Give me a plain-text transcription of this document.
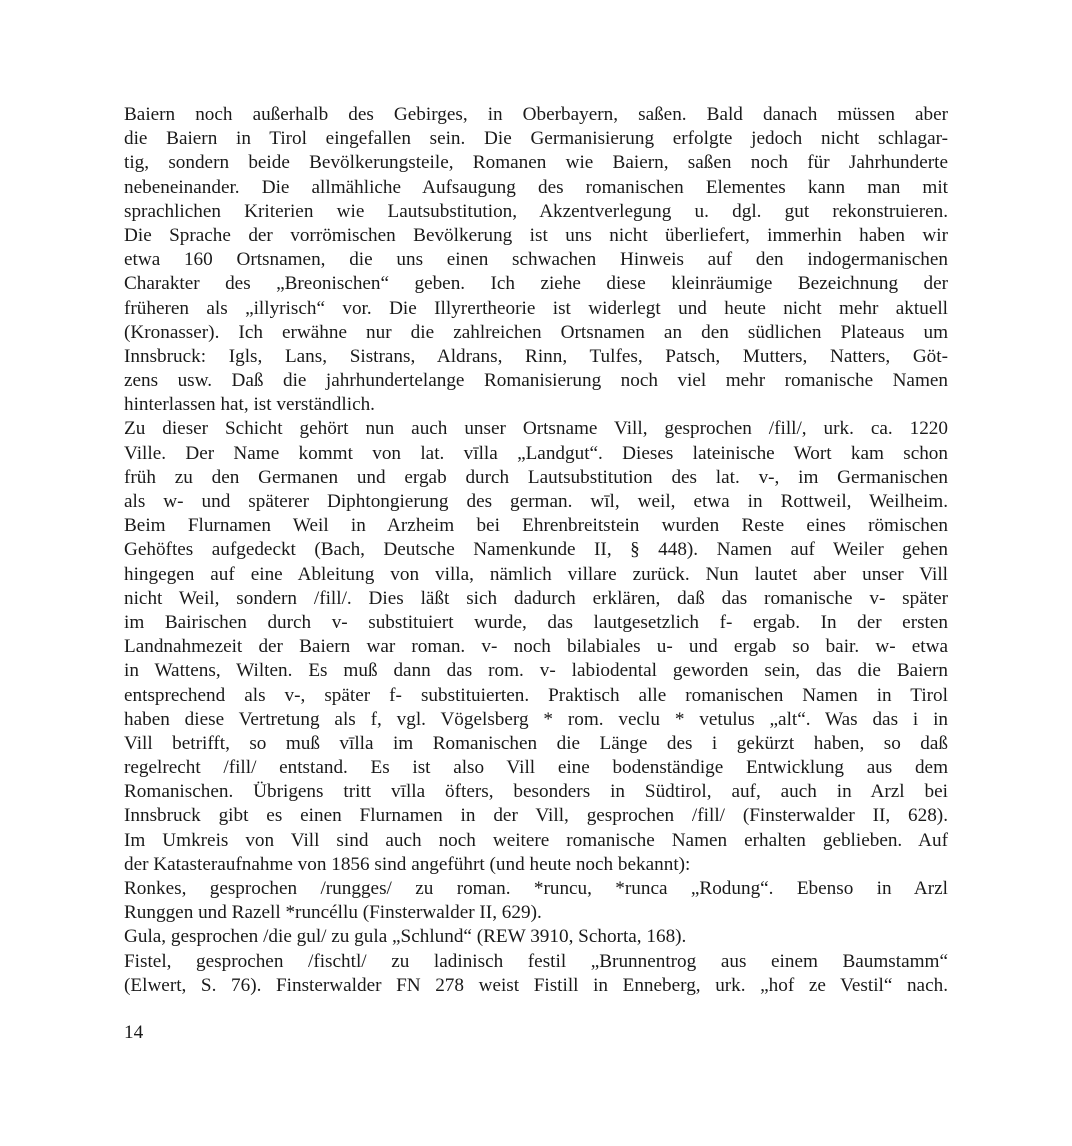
Baiern noch außerhalb des Gebirges, in Oberbayern, saßen. Bald danach müssen aber
die Baiern in Tirol eingefallen sein. Die Germanisierung erfolgte jedoch nicht schlagar-
tig, sondern beide Bevölkerungsteile, Romanen wie Baiern, saßen noch für Jahrhunderte
nebeneinander. Die allmähliche Aufsaugung des romanischen Elementes kann man mit
sprachlichen Kriterien wie Lautsubstitution, Akzentverlegung u. dgl. gut rekonstruieren.
Die Sprache der vorrömischen Bevölkerung ist uns nicht überliefert, immerhin haben wir
etwa 160 Ortsnamen, die uns einen schwachen Hinweis auf den indogermanischen
Charakter des „Breonischen“ geben. Ich ziehe diese kleinräumige Bezeichnung der
früheren als „illyrisch“ vor. Die Illyrertheorie ist widerlegt und heute nicht mehr aktuell
(Kronasser). Ich erwähne nur die zahlreichen Ortsnamen an den südlichen Plateaus um
Innsbruck: Igls, Lans, Sistrans, Aldrans, Rinn, Tulfes, Patsch, Mutters, Natters, Göt-
zens usw. Daß die jahrhundertelange Romanisierung noch viel mehr romanische Namen
hinterlassen hat, ist verständlich.
Zu dieser Schicht gehört nun auch unser Ortsname Vill, gesprochen /fill/, urk. ca. 1220
Ville. Der Name kommt von lat. vīlla „Landgut“. Dieses lateinische Wort kam schon
früh zu den Germanen und ergab durch Lautsubstitution des lat. v-, im Germanischen
als w- und späterer Diphtongierung des german. wīl, weil, etwa in Rottweil, Weilheim.
Beim Flurnamen Weil in Arzheim bei Ehrenbreitstein wurden Reste eines römischen
Gehöftes aufgedeckt (Bach, Deutsche Namenkunde II, § 448). Namen auf Weiler gehen
hingegen auf eine Ableitung von villa, nämlich villare zurück. Nun lautet aber unser Vill
nicht Weil, sondern /fill/. Dies läßt sich dadurch erklären, daß das romanische v- später
im Bairischen durch v- substituiert wurde, das lautgesetzlich f- ergab. In der ersten
Landnahmezeit der Baiern war roman. v- noch bilabiales u- und ergab so bair. w- etwa
in Wattens, Wilten. Es muß dann das rom. v- labiodental geworden sein, das die Baiern
entsprechend als v-, später f- substituierten. Praktisch alle romanischen Namen in Tirol
haben diese Vertretung als f, vgl. Vögelsberg * rom. veclu * vetulus „alt“. Was das i in
Vill betrifft, so muß vīlla im Romanischen die Länge des i gekürzt haben, so daß
regelrecht /fill/ entstand. Es ist also Vill eine bodenständige Entwicklung aus dem
Romanischen. Übrigens tritt vīlla öfters, besonders in Südtirol, auf, auch in Arzl bei
Innsbruck gibt es einen Flurnamen in der Vill, gesprochen /fill/ (Finsterwalder II, 628).
Im Umkreis von Vill sind auch noch weitere romanische Namen erhalten geblieben. Auf
der Katasteraufnahme von 1856 sind angeführt (und heute noch bekannt):
Ronkes, gesprochen /rungges/ zu roman. *runcu, *runca „Rodung“. Ebenso in Arzl
Runggen und Razell *runcéllu (Finsterwalder II, 629).
Gula, gesprochen /die gul/ zu gula „Schlund“ (REW 3910, Schorta, 168).
Fistel, gesprochen /fischtl/ zu ladinisch festil „Brunnentrog aus einem Baumstamm“
(Elwert, S. 76). Finsterwalder FN 278 weist Fistill in Enneberg, urk. „hof ze Vestil“ nach.
14
